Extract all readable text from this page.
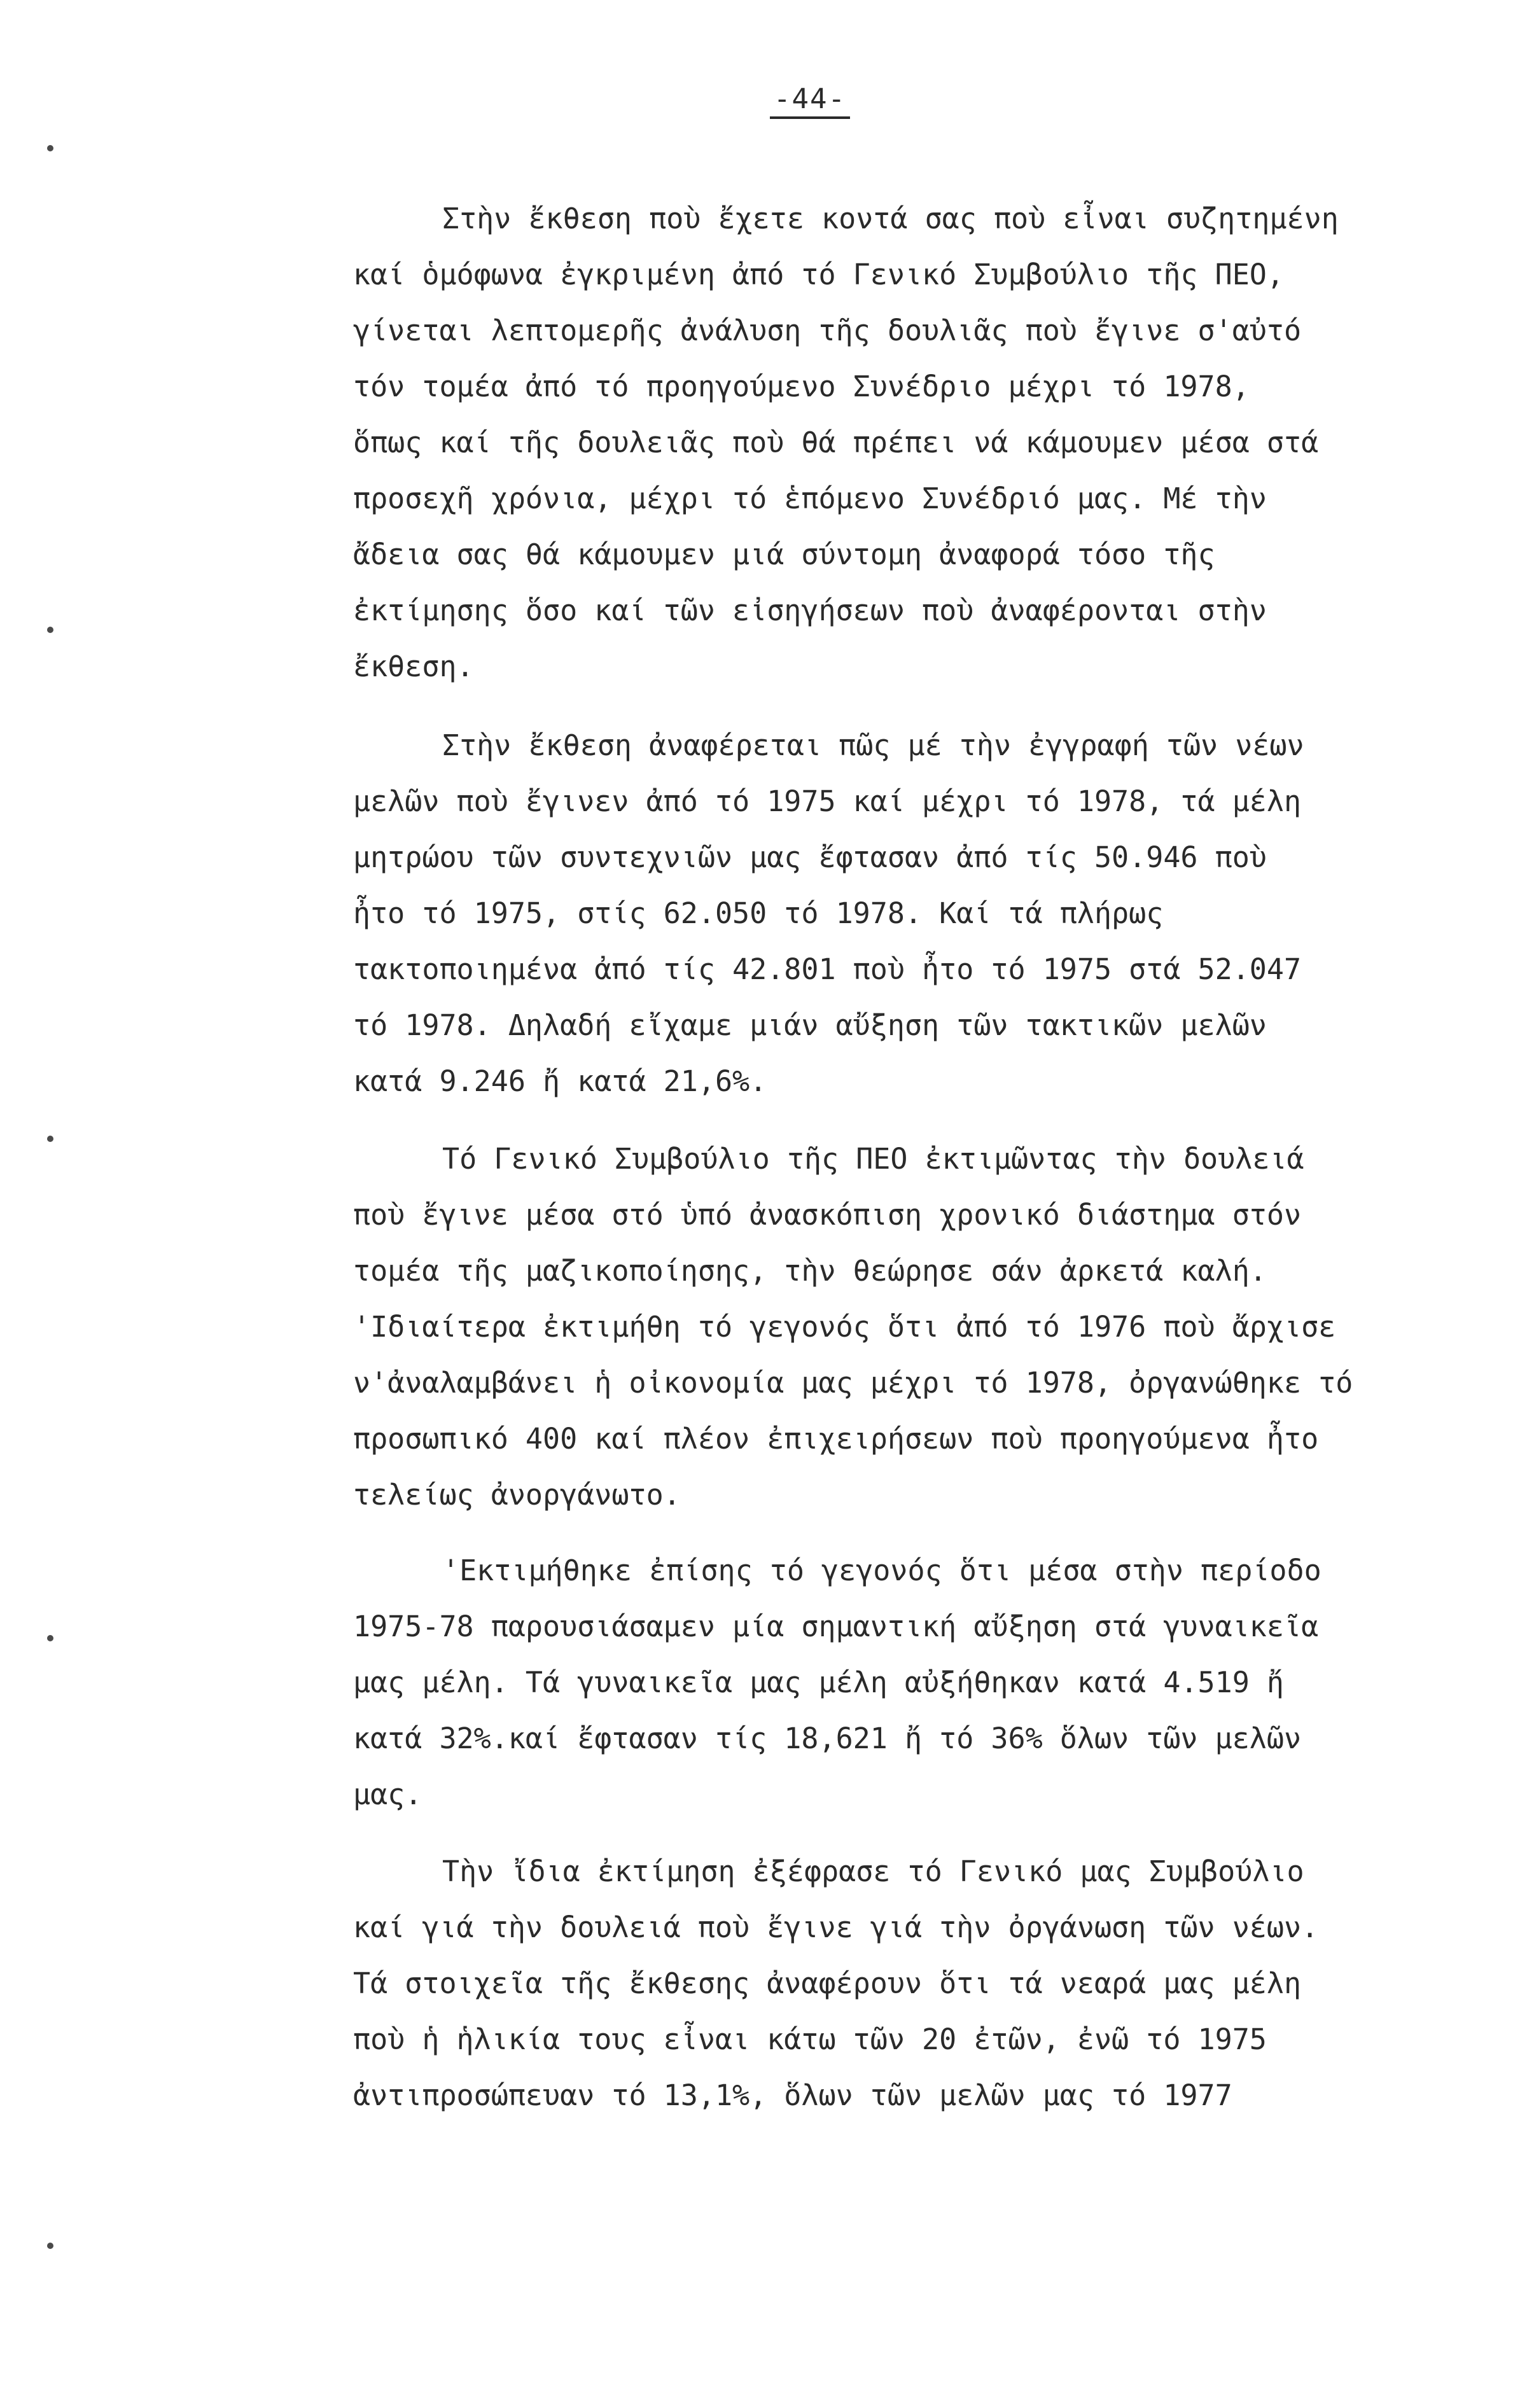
-44-
Στὴν ἔκθεση ποὺ ἔχετε κοντά σας ποὺ εἶναι συζητημένη
καί ὁμόφωνα ἐγκριμένη ἀπό τό Γενικό Συμβούλιο τῆς ΠΕΟ,
γίνεται λεπτομερῆς ἀνάλυση τῆς δουλιᾶς ποὺ ἔγινε σ'αὐτό
τόν τομέα ἀπό τό προηγούμενο Συνέδριο μέχρι τό 1978,
ὅπως καί τῆς δουλειᾶς ποὺ θά πρέπει νά κάμουμεν μέσα στά
προσεχῆ χρόνια, μέχρι τό ἑπόμενο Συνέδριό μας. Μέ τὴν
ἄδεια σας θά κάμουμεν μιά σύντομη ἀναφορά τόσο τῆς
ἐκτίμησης ὅσο καί τῶν εἰσηγήσεων ποὺ ἀναφέρονται στὴν
ἔκθεση.
Στὴν ἔκθεση ἀναφέρεται πῶς μέ τὴν ἐγγραφή τῶν νέων
μελῶν ποὺ ἔγινεν ἀπό τό 1975 καί μέχρι τό 1978, τά μέλη
μητρώου τῶν συντεχνιῶν μας ἔφτασαν ἀπό τίς 50.946 ποὺ
ἦτο τό 1975, στίς 62.050 τό 1978. Καί τά πλήρως
τακτοποιημένα ἀπό τίς 42.801 ποὺ ἦτο τό 1975 στά 52.047
τό 1978. Δηλαδή εἴχαμε μιάν αὔξηση τῶν τακτικῶν μελῶν
κατά 9.246 ἤ κατά 21,6%.
Τό Γενικό Συμβούλιο τῆς ΠΕΟ ἐκτιμῶντας τὴν δουλειά
ποὺ ἔγινε μέσα στό ὑπό ἀνασκόπιση χρονικό διάστημα στόν
τομέα τῆς μαζικοποίησης, τὴν θεώρησε σάν ἀρκετά καλή.
'Ιδιαίτερα ἐκτιμήθη τό γεγονός ὅτι ἀπό τό 1976 ποὺ ἄρχισε
ν'ἀναλαμβάνει ἡ οἰκονομία μας μέχρι τό 1978, ὀργανώθηκε τό
προσωπικό 400 καί πλέον ἐπιχειρήσεων ποὺ προηγούμενα ἦτο
τελείως ἀνοργάνωτο.
'Εκτιμήθηκε ἐπίσης τό γεγονός ὅτι μέσα στὴν περίοδο
1975-78 παρουσιάσαμεν μία σημαντική αὔξηση στά γυναικεῖα
μας μέλη. Τά γυναικεῖα μας μέλη αὐξήθηκαν κατά 4.519 ἤ
κατά 32%.καί ἔφτασαν τίς 18,621 ἤ τό 36% ὅλων τῶν μελῶν
μας.
Τὴν ἴδια ἐκτίμηση ἐξέφρασε τό Γενικό μας Συμβούλιο
καί γιά τὴν δουλειά ποὺ ἔγινε γιά τὴν ὀργάνωση τῶν νέων.
Τά στοιχεῖα τῆς ἔκθεσης ἀναφέρουν ὅτι τά νεαρά μας μέλη
ποὺ ἡ ἡλικία τους εἶναι κάτω τῶν 20 ἐτῶν, ἐνῶ τό 1975
ἀντιπροσώπευαν τό 13,1%, ὅλων τῶν μελῶν μας τό 1977
